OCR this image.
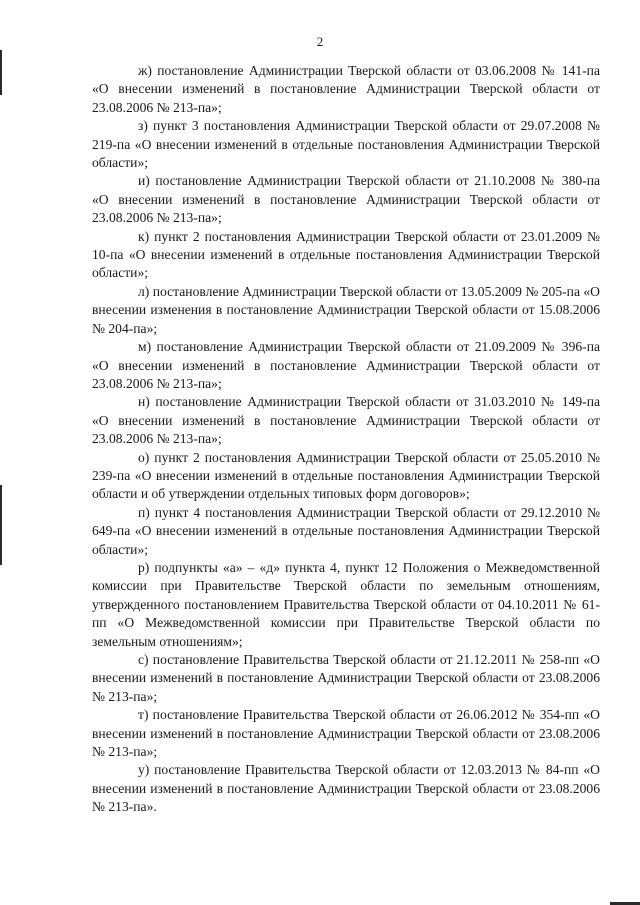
2

ж) постановление Администрации Тверской области от 03.06.2008 № 141-па «О внесении изменений в постановление Администрации Тверской области от 23.08.2006 № 213-па»;

з) пункт 3 постановления Администрации Тверской области от 29.07.2008 № 219-па «О внесении изменений в отдельные постановления Администрации Тверской области»;

и) постановление Администрации Тверской области от 21.10.2008 № 380-па «О внесении изменений в постановление Администрации Тверской области от 23.08.2006 № 213-па»;

к) пункт 2 постановления Администрации Тверской области от 23.01.2009 № 10-па «О внесении изменений в отдельные постановления Администрации Тверской области»;

л) постановление Администрации Тверской области от 13.05.2009 № 205-па «О внесении изменения в постановление Администрации Тверской области от 15.08.2006 № 204-па»;

м) постановление Администрации Тверской области от 21.09.2009 № 396-па «О внесении изменений в постановление Администрации Тверской области от 23.08.2006 № 213-па»;

н) постановление Администрации Тверской области от 31.03.2010 № 149-па «О внесении изменений в постановление Администрации Тверской области от 23.08.2006 № 213-па»;

о) пункт 2 постановления Администрации Тверской области от 25.05.2010 № 239-па «О внесении изменений в отдельные постановления Администрации Тверской области и об утверждении отдельных типовых форм договоров»;

п) пункт 4 постановления Администрации Тверской области от 29.12.2010 № 649-па «О внесении изменений в отдельные постановления Администрации Тверской области»;

р) подпункты «а» – «д» пункта 4, пункт 12 Положения о Межведомственной комиссии при Правительстве Тверской области по земельным отношениям, утвержденного постановлением Правительства Тверской области от 04.10.2011 № 61-пп «О Межведомственной комиссии при Правительстве Тверской области по земельным отношениям»;

с) постановление Правительства Тверской области от 21.12.2011 № 258-пп «О внесении изменений в постановление Администрации Тверской области от 23.08.2006 № 213-па»;

т) постановление Правительства Тверской области от 26.06.2012 № 354-пп «О внесении изменений в постановление Администрации Тверской области от 23.08.2006 № 213-па»;

у) постановление Правительства Тверской области от 12.03.2013 № 84-пп «О внесении изменений в постановление Администрации Тверской области от 23.08.2006 № 213-па».
